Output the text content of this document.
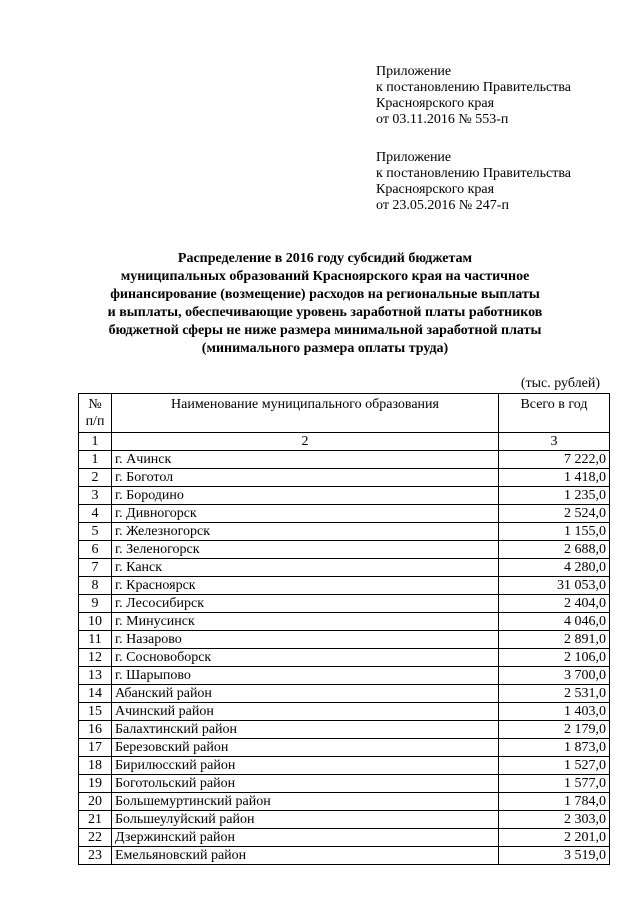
Приложение
к постановлению Правительства
Красноярского края
от 03.11.2016 № 553-п
Приложение
к постановлению Правительства
Красноярского края
от 23.05.2016 № 247-п
Распределение в 2016 году субсидий бюджетам
муниципальных образований Красноярского края на частичное
финансирование (возмещение) расходов на региональные выплаты
и выплаты, обеспечивающие уровень заработной платы работников
бюджетной сферы не ниже размера минимальной заработной платы
(минимального размера оплаты труда)
(тыс. рублей)
№
п/п	Наименование муниципального образования	Всего в год
1	2	3
1	г. Ачинск	7 222,0
2	г. Боготол	1 418,0
3	г. Бородино	1 235,0
4	г. Дивногорск	2 524,0
5	г. Железногорск	1 155,0
6	г. Зеленогорск	2 688,0
7	г. Канск	4 280,0
8	г. Красноярск	31 053,0
9	г. Лесосибирск	2 404,0
10	г. Минусинск	4 046,0
11	г. Назарово	2 891,0
12	г. Сосновоборск	2 106,0
13	г. Шарыпово	3 700,0
14	Абанский район	2 531,0
15	Ачинский район	1 403,0
16	Балахтинский район	2 179,0
17	Березовский район	1 873,0
18	Бирилюсский район	1 527,0
19	Боготольский район	1 577,0
20	Большемуртинский район	1 784,0
21	Большеулуйский район	2 303,0
22	Дзержинский район	2 201,0
23	Емельяновский район	3 519,0
